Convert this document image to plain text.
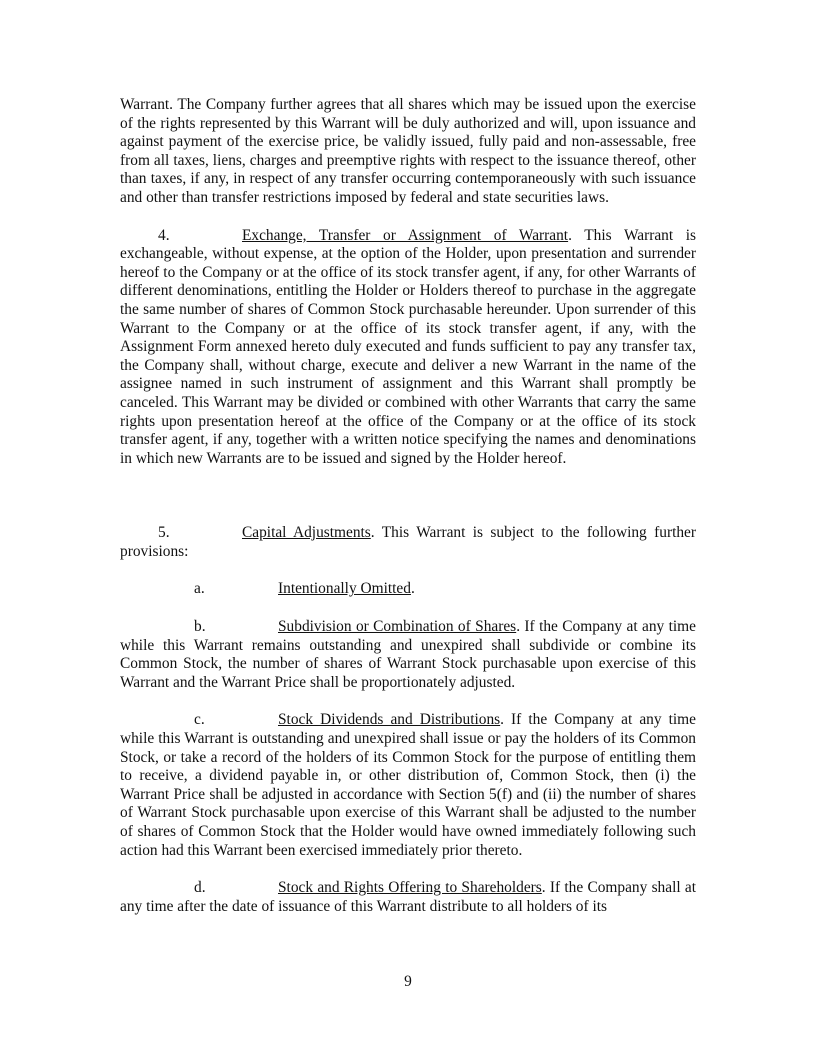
Warrant. The Company further agrees that all shares which may be issued upon the exercise of the rights represented by this Warrant will be duly authorized and will, upon issuance and against payment of the exercise price, be validly issued, fully paid and non-assessable, free from all taxes, liens, charges and preemptive rights with respect to the issuance thereof, other than taxes, if any, in respect of any transfer occurring contemporaneously with such issuance and other than transfer restrictions imposed by federal and state securities laws.

4.	Exchange, Transfer or Assignment of Warrant. This Warrant is exchangeable, without expense, at the option of the Holder, upon presentation and surrender hereof to the Company or at the office of its stock transfer agent, if any, for other Warrants of different denominations, entitling the Holder or Holders thereof to purchase in the aggregate the same number of shares of Common Stock purchasable hereunder. Upon surrender of this Warrant to the Company or at the office of its stock transfer agent, if any, with the Assignment Form annexed hereto duly executed and funds sufficient to pay any transfer tax, the Company shall, without charge, execute and deliver a new Warrant in the name of the assignee named in such instrument of assignment and this Warrant shall promptly be canceled. This Warrant may be divided or combined with other Warrants that carry the same rights upon presentation hereof at the office of the Company or at the office of its stock transfer agent, if any, together with a written notice specifying the names and denominations in which new Warrants are to be issued and signed by the Holder hereof.

5.	Capital Adjustments. This Warrant is subject to the following further provisions:

a.	Intentionally Omitted.

b.	Subdivision or Combination of Shares. If the Company at any time while this Warrant remains outstanding and unexpired shall subdivide or combine its Common Stock, the number of shares of Warrant Stock purchasable upon exercise of this Warrant and the Warrant Price shall be proportionately adjusted.

c.	Stock Dividends and Distributions. If the Company at any time while this Warrant is outstanding and unexpired shall issue or pay the holders of its Common Stock, or take a record of the holders of its Common Stock for the purpose of entitling them to receive, a dividend payable in, or other distribution of, Common Stock, then (i) the Warrant Price shall be adjusted in accordance with Section 5(f) and (ii) the number of shares of Warrant Stock purchasable upon exercise of this Warrant shall be adjusted to the number of shares of Common Stock that the Holder would have owned immediately following such action had this Warrant been exercised immediately prior thereto.

d.	Stock and Rights Offering to Shareholders. If the Company shall at any time after the date of issuance of this Warrant distribute to all holders of its

9
